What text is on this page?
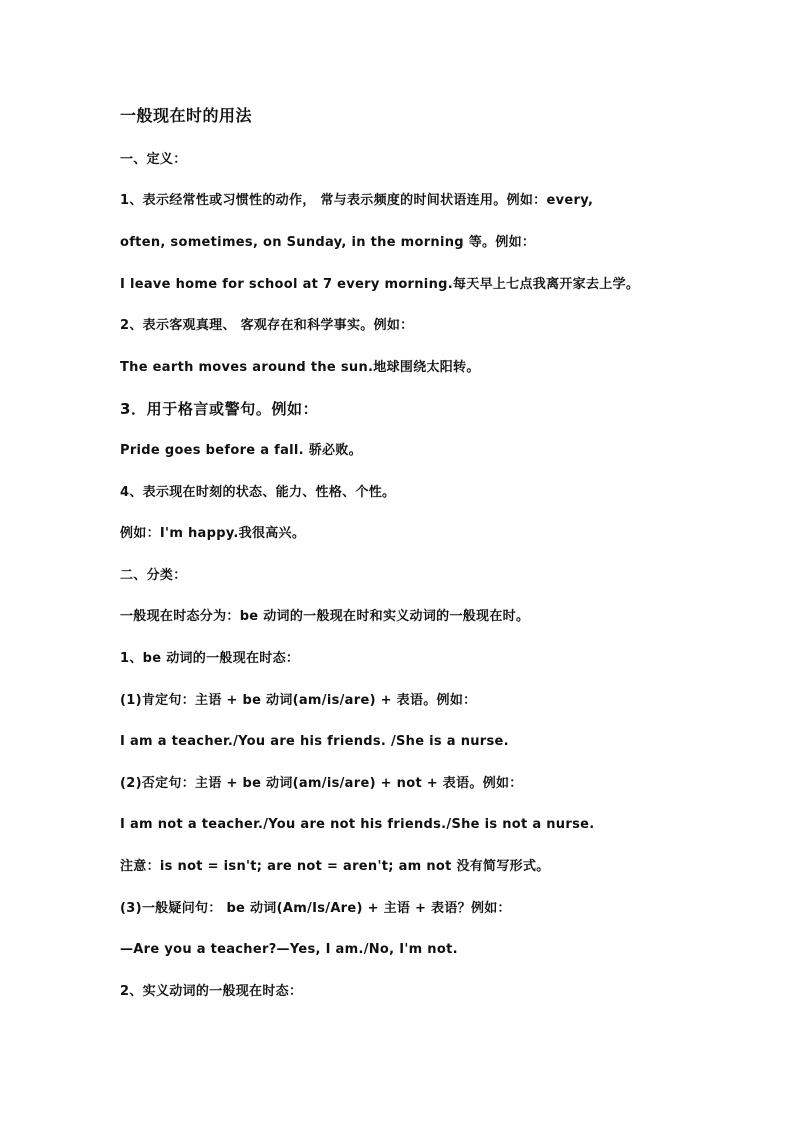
一般现在时的用法
一、定义：
1、表示经常性或习惯性的动作， 常与表示频度的时间状语连用。例如：every,
often, sometimes, on Sunday, in the morning 等。例如：
I leave home for school at 7 every morning.每天早上七点我离开家去上学。
2、表示客观真理、 客观存在和科学事实。例如：
The earth moves around the sun.地球围绕太阳转。
3．用于格言或警句。例如：
Pride goes before a fall. 骄必败。
4、表示现在时刻的状态、能力、性格、个性。
例如：I'm happy.我很高兴。
二、分类：
一般现在时态分为：be 动词的一般现在时和实义动词的一般现在时。
1、be 动词的一般现在时态：
(1)肯定句：主语 + be 动词(am/is/are) + 表语。例如：
I am a teacher./You are his friends. /She is a nurse.
(2)否定句：主语 + be 动词(am/is/are) + not + 表语。例如：
I am not a teacher./You are not his friends./She is not a nurse.
注意：is not = isn't; are not = aren't; am not 没有简写形式。
(3)一般疑问句： be 动词(Am/Is/Are) + 主语 + 表语？例如：
—Are you a teacher?—Yes, I am./No, I'm not.
2、实义动词的一般现在时态：
